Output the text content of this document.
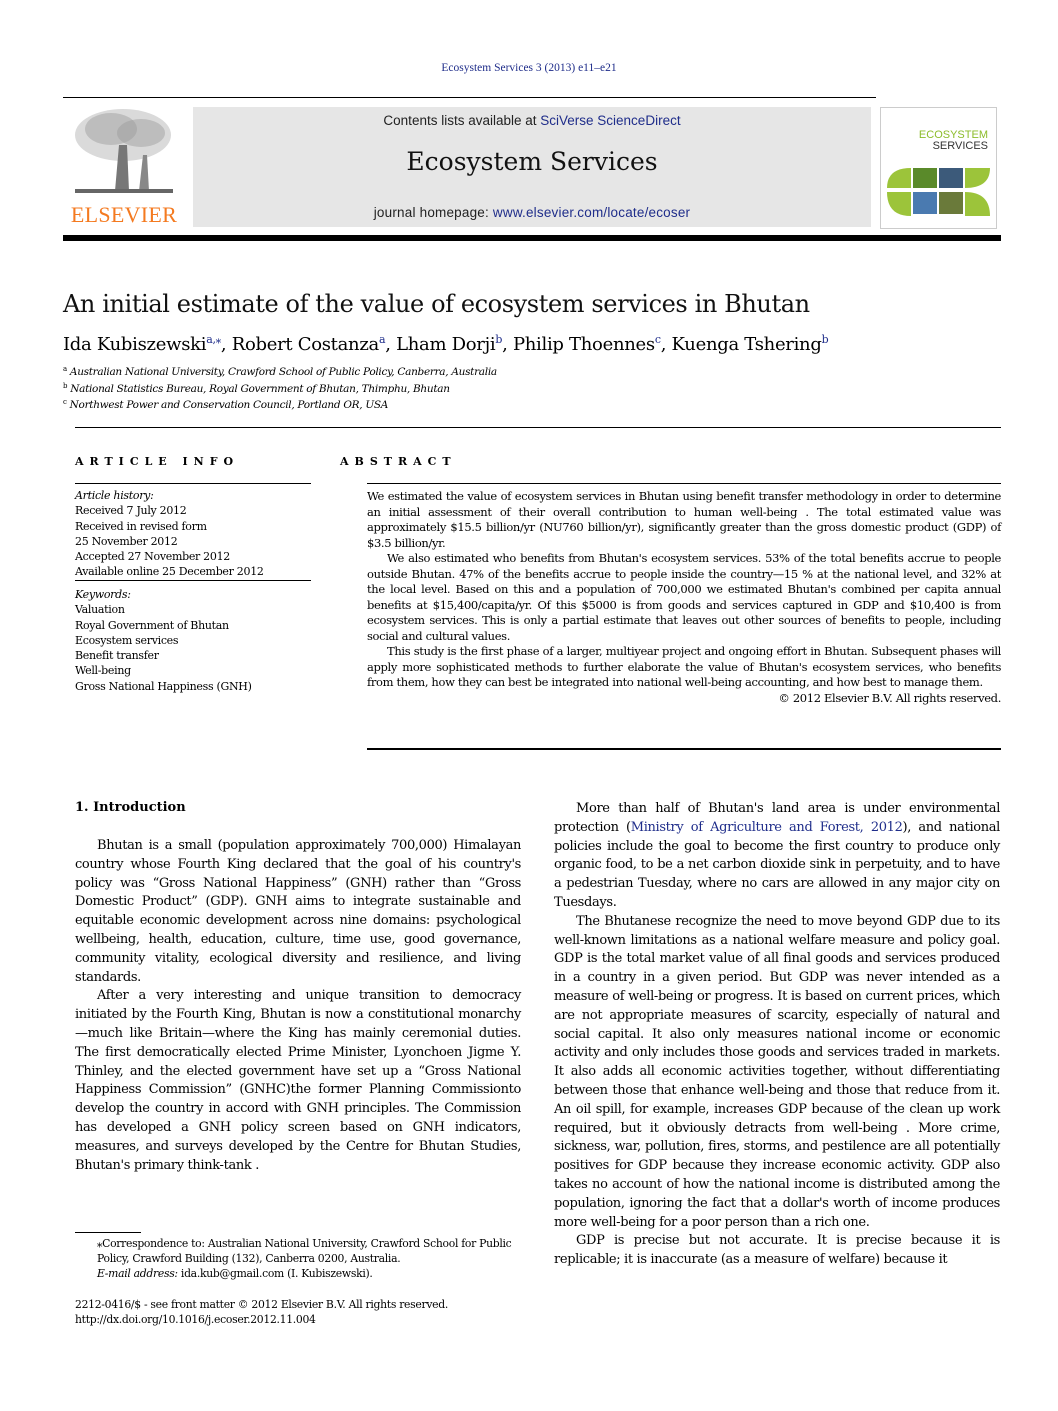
Ecosystem Services 3 (2013) e11–e21
ELSEVIER
Contents lists available at SciVerse ScienceDirect
Ecosystem Services
journal homepage: www.elsevier.com/locate/ecoser
ECOSYSTEM
SERVICES
An initial estimate of the value of ecosystem services in Bhutan
Ida Kubiszewski$^{a,⁎}$, Robert Costanza$^a$, Lham Dorji$^b$, Philip Thoennes$^c$, Kuenga Tshering$^b$
$^a$ Australian National University, Crawford School of Public Policy, Canberra, Australia
$^b$ National Statistics Bureau, Royal Government of Bhutan, Thimphu, Bhutan
$^c$ Northwest Power and Conservation Council, Portland OR, USA
ARTICLE INFO
Article history:
Received 7 July 2012
Received in revised form
25 November 2012
Accepted 27 November 2012
Available online 25 December 2012
Keywords:
Valuation
Royal Government of Bhutan
Ecosystem services
Benefit transfer
Well-being
Gross National Happiness (GNH)
ABSTRACT

We estimated the value of ecosystem services in Bhutan using benefit transfer methodology in order to determine an initial assessment of their overall contribution to human well-being . The total estimated value was approximately $15.5 billion/yr (NU760 billion/yr), significantly greater than the gross domestic product (GDP) of $3.5 billion/yr.

We also estimated who benefits from Bhutan's ecosystem services. 53% of the total benefits accrue to people outside Bhutan. 47% of the benefits accrue to people inside the country—15 % at the national level, and 32% at the local level. Based on this and a population of 700,000 we estimated Bhutan's combined per capita annual benefits at $15,400/capita/yr. Of this $5000 is from goods and services captured in GDP and $10,400 is from ecosystem services. This is only a partial estimate that leaves out other sources of benefits to people, including social and cultural values.

This study is the first phase of a larger, multiyear project and ongoing effort in Bhutan. Subsequent phases will apply more sophisticated methods to further elaborate the value of Bhutan's ecosystem services, who benefits from them, how they can best be integrated into national well-being accounting, and how best to manage them.

© 2012 Elsevier B.V. All rights reserved.
1. Introduction

Bhutan is a small (population approximately 700,000) Himalayan country whose Fourth King declared that the goal of his country's policy was “Gross National Happiness” (GNH) rather than “Gross Domestic Product” (GDP). GNH aims to integrate sustainable and equitable economic development across nine domains: psychological wellbeing, health, education, culture, time use, good governance, community vitality, ecological diversity and resilience, and living standards.

After a very interesting and unique transition to democracy initiated by the Fourth King, Bhutan is now a constitutional monarchy—much like Britain—where the King has mainly ceremonial duties. The first democratically elected Prime Minister, Lyonchoen Jigme Y. Thinley, and the elected government have set up a “Gross National Happiness Commission” (GNHC)the former Planning Commissionto develop the country in accord with GNH principles. The Commission has developed a GNH policy screen based on GNH indicators, measures, and surveys developed by the Centre for Bhutan Studies, Bhutan's primary think-tank .

More than half of Bhutan's land area is under environmental protection (Ministry of Agriculture and Forest, 2012), and national policies include the goal to become the first country to produce only organic food, to be a net carbon dioxide sink in perpetuity, and to have a pedestrian Tuesday, where no cars are allowed in any major city on Tuesdays.

The Bhutanese recognize the need to move beyond GDP due to its well-known limitations as a national welfare measure and policy goal. GDP is the total market value of all final goods and services produced in a country in a given period. But GDP was never intended as a measure of well-being or progress. It is based on current prices, which are not appropriate measures of scarcity, especially of natural and social capital. It also only measures national income or economic activity and only includes those goods and services traded in markets. It also adds all economic activities together, without differentiating between those that enhance well-being and those that reduce from it. An oil spill, for example, increases GDP because of the clean up work required, but it obviously detracts from well-being . More crime, sickness, war, pollution, fires, storms, and pestilence are all potentially positives for GDP because they increase economic activity. GDP also takes no account of how the national income is distributed among the population, ignoring the fact that a dollar's worth of income produces more well-being for a poor person than a rich one.

GDP is precise but not accurate. It is precise because it is replicable; it is inaccurate (as a measure of welfare) because it

⁎Correspondence to: Australian National University, Crawford School for Public Policy, Crawford Building (132), Canberra 0200, Australia.

E-mail address: ida.kub@gmail.com (I. Kubiszewski).

2212-0416/$ - see front matter © 2012 Elsevier B.V. All rights reserved.

http://dx.doi.org/10.1016/j.ecoser.2012.11.004
